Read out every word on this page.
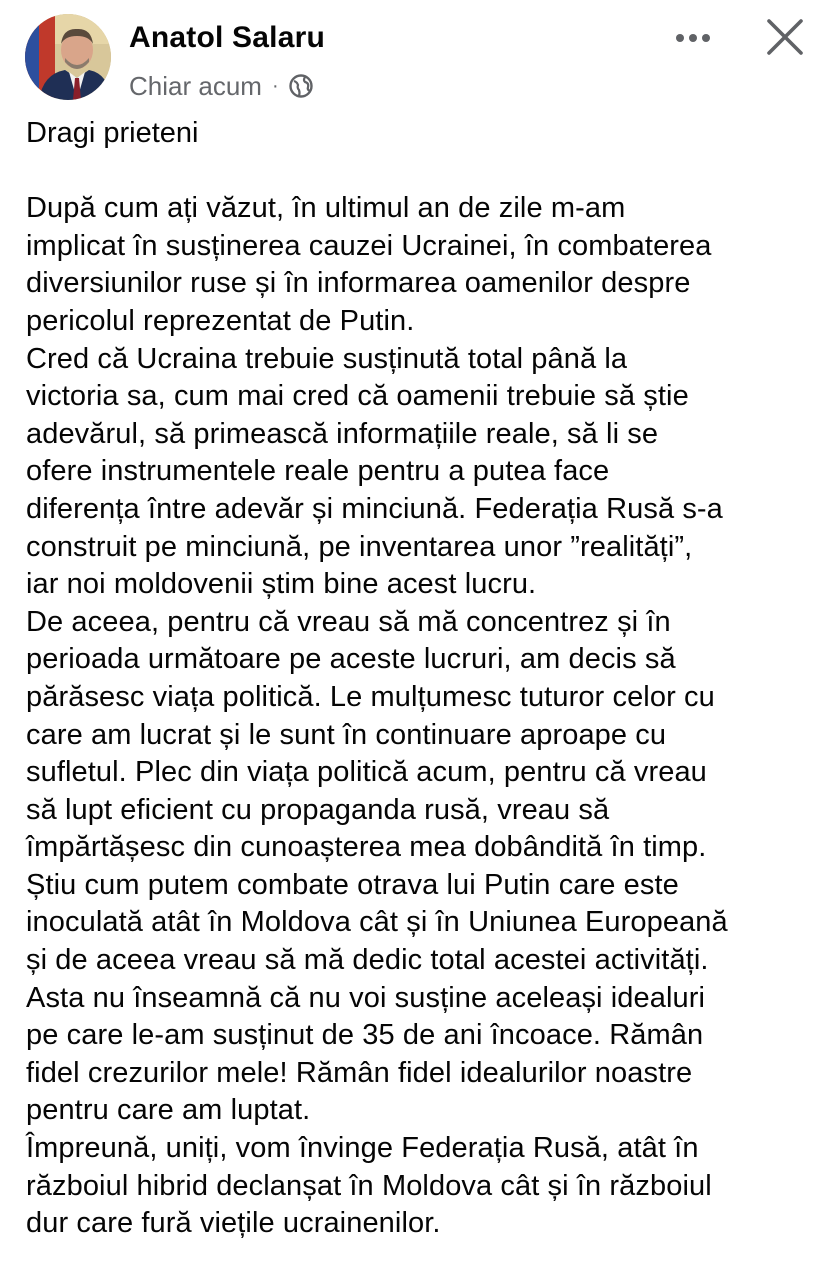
Anatol Salaru
Chiar acum ·

Dragi prieteni

După cum ați văzut, în ultimul an de zile m-am

implicat în susținerea cauzei Ucrainei, în combaterea

diversiunilor ruse și în informarea oamenilor despre

pericolul reprezentat de Putin.

Cred că Ucraina trebuie susținută total până la

victoria sa, cum mai cred că oamenii trebuie să știe

adevărul, să primească informațiile reale, să li se

ofere instrumentele reale pentru a putea face

diferența între adevăr și minciună. Federația Rusă s-a

construit pe minciună, pe inventarea unor ”realități”,

iar noi moldovenii știm bine acest lucru.

De aceea, pentru că vreau să mă concentrez și în

perioada următoare pe aceste lucruri, am decis să

părăsesc viața politică. Le mulțumesc tuturor celor cu

care am lucrat și le sunt în continuare aproape cu

sufletul. Plec din viața politică acum, pentru că vreau

să lupt eficient cu propaganda rusă, vreau să

împărtășesc din cunoașterea mea dobândită în timp.

Știu cum putem combate otrava lui Putin care este

inoculată atât în Moldova cât și în Uniunea Europeană

și de aceea vreau să mă dedic total acestei activități.

Asta nu înseamnă că nu voi susține aceleași idealuri

pe care le-am susținut de 35 de ani încoace. Rămân

fidel crezurilor mele! Rămân fidel idealurilor noastre

pentru care am luptat.

Împreună, uniți, vom învinge Federația Rusă, atât în

războiul hibrid declanșat în Moldova cât și în războiul

dur care fură viețile ucrainenilor.
